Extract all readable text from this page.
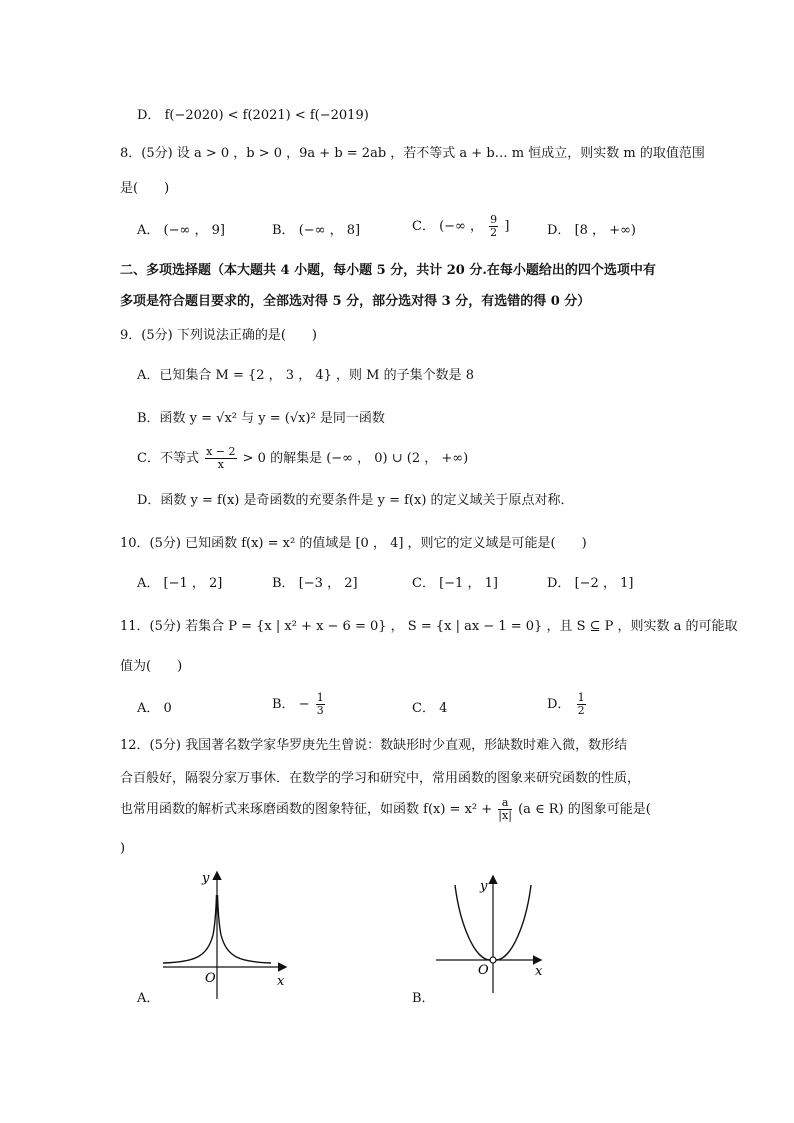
D． f(−2020) < f(2021) < f(−2019)
8．(5分) 设 a > 0 ，b > 0 ，9a + b = 2ab ，若不等式 a + b… m 恒成立，则实数 m 的取值范围
是(　　)
A． (−∞ ， 9]	B． (−∞ ， 8]	C． (−∞ ， $\frac{9}{2}$ ]	D． [8 ， +∞)
二、多项选择题（本大题共 4 小题，每小题 5 分，共计 20 分.在每小题给出的四个选项中有
多项是符合题目要求的，全部选对得 5 分，部分选对得 3 分，有选错的得 0 分）
9．(5分) 下列说法正确的是(　　)
A．已知集合 M = {2 ， 3 ， 4} ，则 M 的子集个数是 8
B．函数 y = √x² 与 y = (√x)² 是同一函数
C．不等式 $\frac{x - 2}{x} > 0$ 的解集是 (−∞ ， 0) ∪ (2 ， +∞)
D．函数 y = f(x) 是奇函数的充要条件是 y = f(x) 的定义域关于原点对称．
10．(5分) 已知函数 f(x) = x² 的值域是 [0 ， 4] ，则它的定义域是可能是(　　)
A． [−1 ， 2]	B． [−3 ， 2]	C． [−1 ， 1]	D． [−2 ， 1]
11．(5分) 若集合 P = {x | x² + x − 6 = 0} ， S = {x | ax − 1 = 0} ，且 S ⊆ P ，则实数 a 的可能取
值为(　　)
A． 0	B． − $\frac{1}{3}$	C． 4	D． $\frac{1}{2}$
12．(5分) 我国著名数学家华罗庚先生曾说：数缺形时少直观，形缺数时难入微，数形结
合百般好，隔裂分家万事休．在数学的学习和研究中，常用函数的图象来研究函数的性质，
也常用函数的解析式来琢磨函数的图象特征，如函数 $f(x) = x^2 + \frac{a}{|x|} (a$ ∈ R) 的图象可能是(
)
y
x
O
A．
y
x
O
B．
